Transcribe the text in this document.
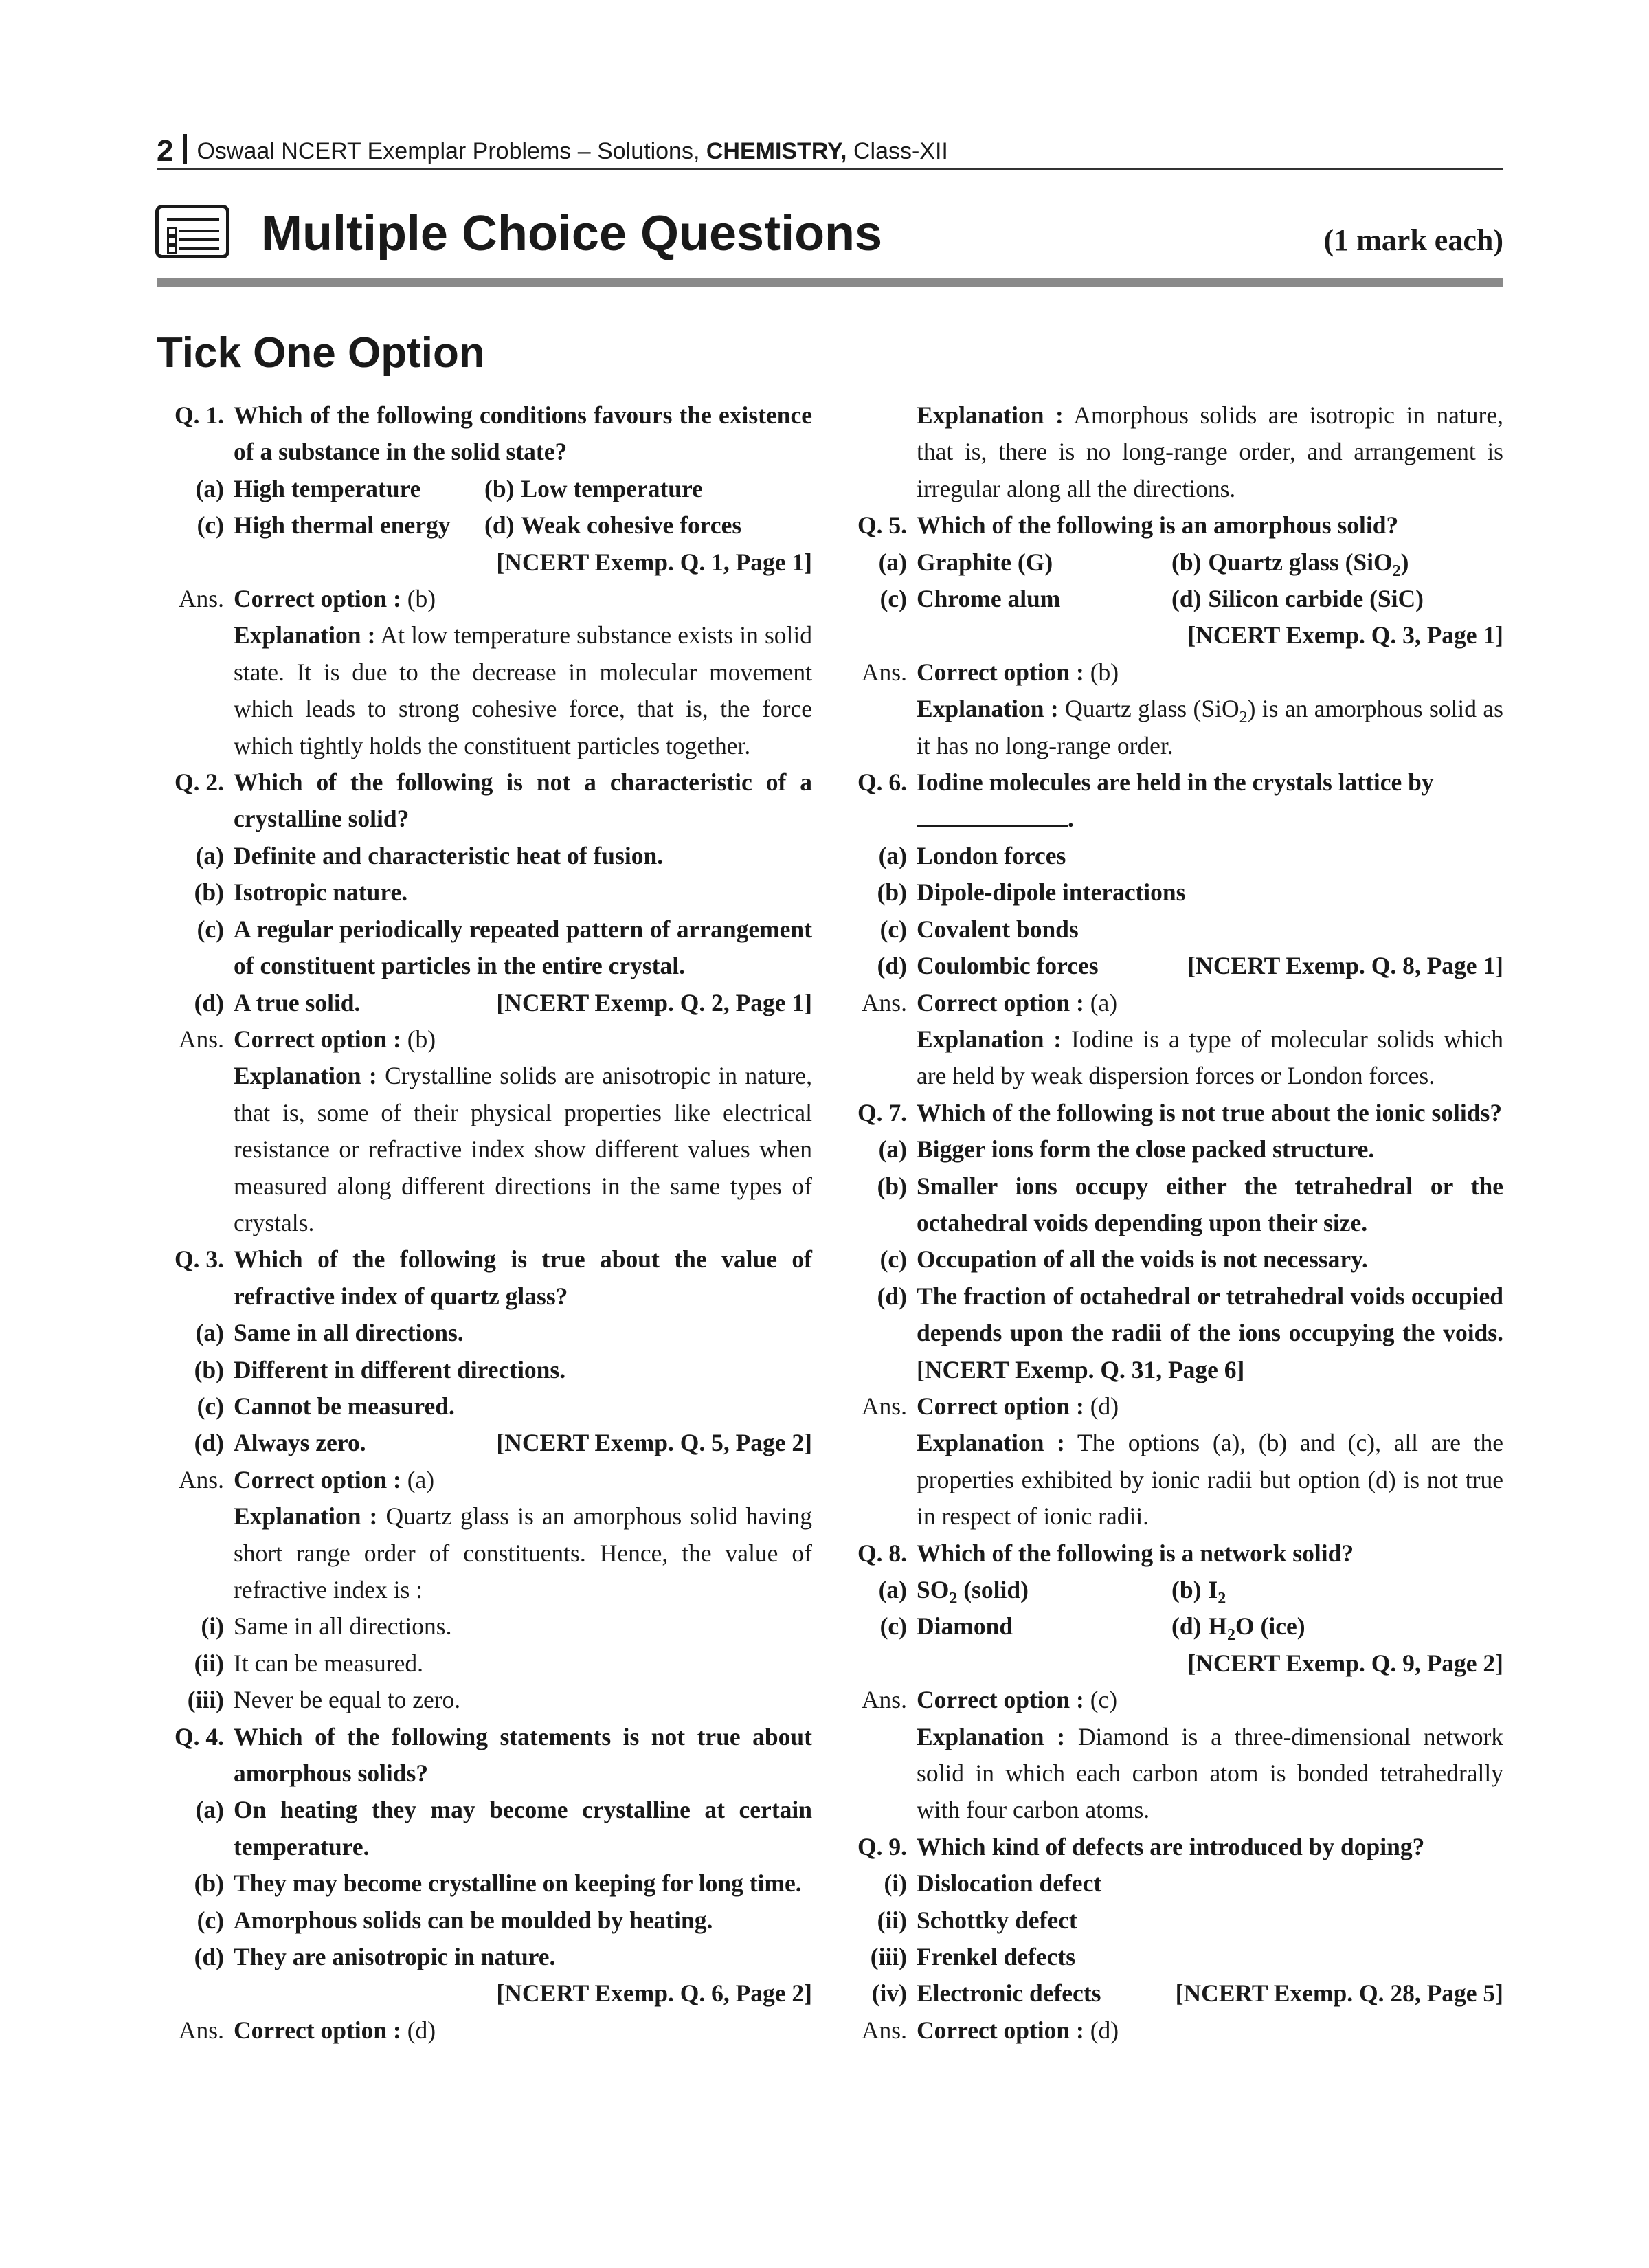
2 Oswaal NCERT Exemplar Problems – Solutions, CHEMISTRY, Class-XII
Multiple Choice Questions	(1 mark each)
Tick One Option
Q. 1. Which of the following conditions favours the existence of a substance in the solid state?
(a) High temperature	(b) Low temperature
(c) High thermal energy (d) Weak cohesive forces
[NCERT Exemp. Q. 1, Page 1]
Ans. Correct option : (b)
Explanation : At low temperature substance exists in solid state. It is due to the decrease in molecular movement which leads to strong cohesive force, that is, the force which tightly holds the constituent particles together.
Q. 2. Which of the following is not a characteristic of a crystalline solid?
(a) Definite and characteristic heat of fusion.
(b) Isotropic nature.
(c) A regular periodically repeated pattern of arrangement of constituent particles in the entire crystal.
(d) A true solid.	[NCERT Exemp. Q. 2, Page 1]
Ans. Correct option : (b)
Explanation : Crystalline solids are anisotropic in nature, that is, some of their physical properties like electrical resistance or refractive index show different values when measured along different directions in the same types of crystals.
Q. 3. Which of the following is true about the value of refractive index of quartz glass?
(a) Same in all directions.
(b) Different in different directions.
(c) Cannot be measured.
(d) Always zero.	[NCERT Exemp. Q. 5, Page 2]
Ans. Correct option : (a)
Explanation : Quartz glass is an amorphous solid having short range order of constituents. Hence, the value of refractive index is :
(i) Same in all directions.
(ii) It can be measured.
(iii) Never be equal to zero.
Q. 4. Which of the following statements is not true about amorphous solids?
(a) On heating they may become crystalline at certain temperature.
(b) They may become crystalline on keeping for long time.
(c) Amorphous solids can be moulded by heating.
(d) They are anisotropic in nature.
[NCERT Exemp. Q. 6, Page 2]
Ans. Correct option : (d)
Explanation : Amorphous solids are isotropic in nature, that is, there is no long-range order, and arrangement is irregular along all the directions.
Q. 5. Which of the following is an amorphous solid?
(a) Graphite (G)	(b) Quartz glass (SiO$_2$)
(c) Chrome alum	(d) Silicon carbide (SiC)
[NCERT Exemp. Q. 3, Page 1]
Ans. Correct option : (b)
Explanation : Quartz glass (SiO$_2$) is an amorphous solid as it has no long-range order.
Q. 6. Iodine molecules are held in the crystals lattice by
.
(a) London forces
(b) Dipole-dipole interactions
(c) Covalent bonds
(d) Coulombic forces	[NCERT Exemp. Q. 8, Page 1]
Ans. Correct option : (a)
Explanation : Iodine is a type of molecular solids which are held by weak dispersion forces or London forces.
Q. 7. Which of the following is not true about the ionic solids?
(a) Bigger ions form the close packed structure.
(b) Smaller ions occupy either the tetrahedral or the octahedral voids depending upon their size.
(c) Occupation of all the voids is not necessary.
(d) The fraction of octahedral or tetrahedral voids occupied depends upon the radii of the ions occupying the voids. [NCERT Exemp. Q. 31, Page 6]
Ans. Correct option : (d)
Explanation : The options (a), (b) and (c), all are the properties exhibited by ionic radii but option (d) is not true in respect of ionic radii.
Q. 8. Which of the following is a network solid?
(a) $SO_2$ (solid)	(b) $I_2$
(c) Diamond	(d) $H_2O$ (ice)
[NCERT Exemp. Q. 9, Page 2]
Ans. Correct option : (c)
Explanation : Diamond is a three-dimensional network solid in which each carbon atom is bonded tetrahedrally with four carbon atoms.
Q. 9. Which kind of defects are introduced by doping?
(i) Dislocation defect
(ii) Schottky defect
(iii) Frenkel defects
(iv) Electronic defects	[NCERT Exemp. Q. 28, Page 5]
Ans. Correct option : (d)
